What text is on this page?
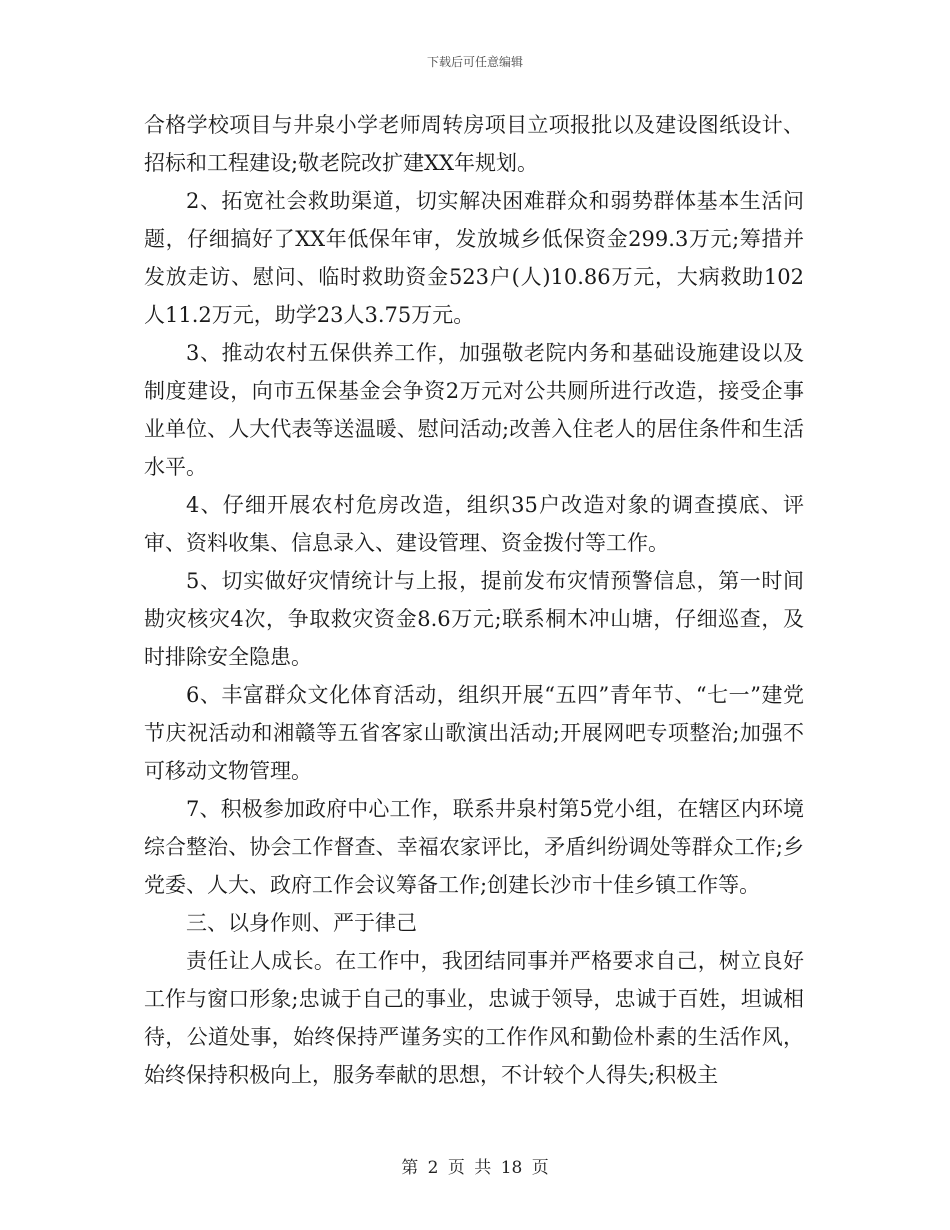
下载后可任意编辑

合格学校项目与井泉小学老师周转房项目立项报批以及建设图纸设计、招标和工程建设;敬老院改扩建XX年规划。

2、拓宽社会救助渠道，切实解决困难群众和弱势群体基本生活问题，仔细搞好了XX年低保年审，发放城乡低保资金299.3万元;筹措并发放走访、慰问、临时救助资金523户(人)10.86万元，大病救助102人11.2万元，助学23人3.75万元。

3、推动农村五保供养工作，加强敬老院内务和基础设施建设以及制度建设，向市五保基金会争资2万元对公共厕所进行改造，接受企事业单位、人大代表等送温暖、慰问活动;改善入住老人的居住条件和生活水平。

4、仔细开展农村危房改造，组织35户改造对象的调查摸底、评审、资料收集、信息录入、建设管理、资金拨付等工作。

5、切实做好灾情统计与上报，提前发布灾情预警信息，第一时间勘灾核灾4次，争取救灾资金8.6万元;联系桐木冲山塘，仔细巡查，及时排除安全隐患。

6、丰富群众文化体育活动，组织开展“五四”青年节、“七一”建党节庆祝活动和湘赣等五省客家山歌演出活动;开展网吧专项整治;加强不可移动文物管理。

7、积极参加政府中心工作，联系井泉村第5党小组，在辖区内环境综合整治、协会工作督查、幸福农家评比，矛盾纠纷调处等群众工作;乡党委、人大、政府工作会议筹备工作;创建长沙市十佳乡镇工作等。

三、以身作则、严于律己

责任让人成长。在工作中，我团结同事并严格要求自己，树立良好工作与窗口形象;忠诚于自己的事业，忠诚于领导，忠诚于百姓，坦诚相待，公道处事，始终保持严谨务实的工作作风和勤俭朴素的生活作风，始终保持积极向上，服务奉献的思想，不计较个人得失;积极主

第 2 页 共 18 页
